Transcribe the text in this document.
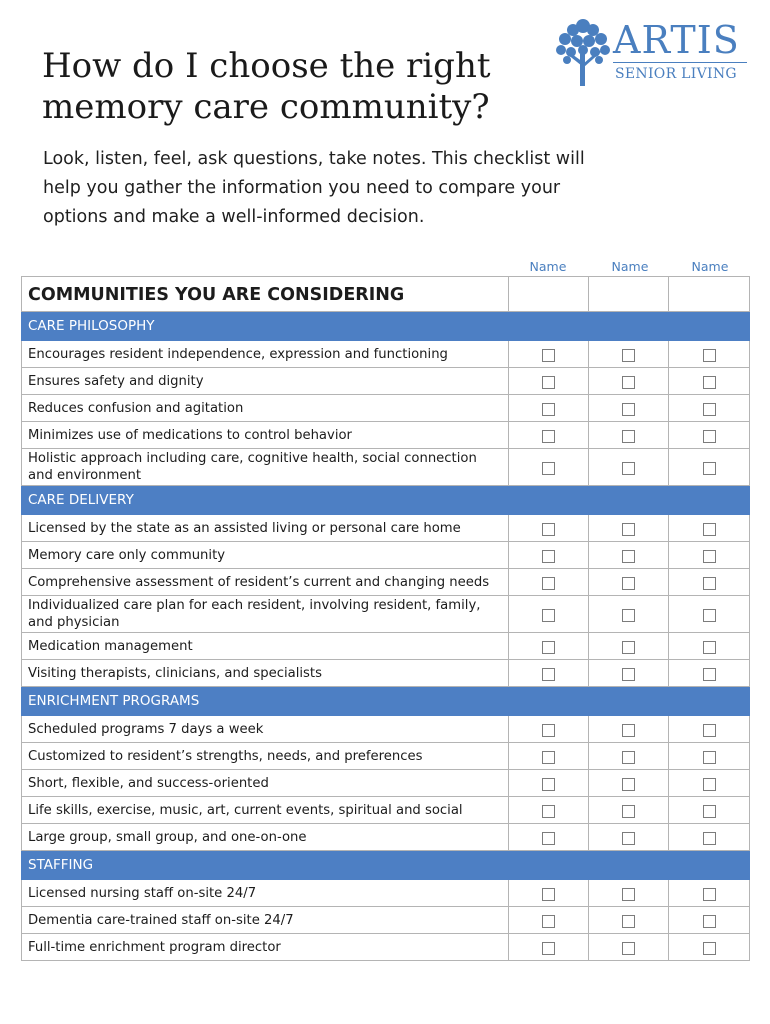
ARTIS
SENIOR LIVING
How do I choose the right
memory care community?

Look, listen, feel, ask questions, take notes. This checklist will
help you gather the information you need to compare your
options and make a well-informed decision.

Name	Name	Name
COMMUNITIES YOU ARE CONSIDERING			
CARE PHILOSOPHY			
Encourages resident independence, expression and functioning			
Ensures safety and dignity			
Reduces confusion and agitation			
Minimizes use of medications to control behavior			
Holistic approach including care, cognitive health, social connection and environment			
CARE DELIVERY			
Licensed by the state as an assisted living or personal care home			
Memory care only community			
Comprehensive assessment of resident’s current and changing needs			
Individualized care plan for each resident, involving resident, family, and physician			
Medication management			
Visiting therapists, clinicians, and specialists			
ENRICHMENT PROGRAMS			
Scheduled programs 7 days a week			
Customized to resident’s strengths, needs, and preferences			
Short, flexible, and success-oriented			
Life skills, exercise, music, art, current events, spiritual and social			
Large group, small group, and one-on-one			
STAFFING			
Licensed nursing staff on-site 24/7			
Dementia care-trained staff on-site 24/7			
Full-time enrichment program director			
